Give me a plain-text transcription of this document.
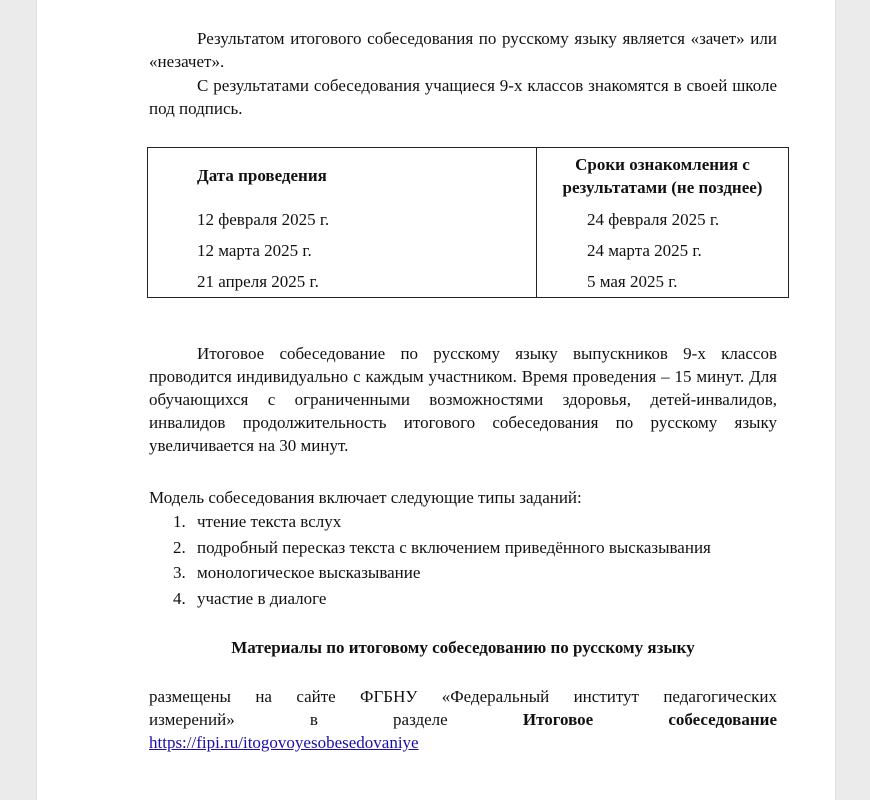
Результатом итогового собеседования по русскому языку является «зачет» или «незачет».

С результатами собеседования учащиеся 9-х классов знакомятся в своей школе под подпись.

Дата проведения	Сроки ознакомления с
результатами (не позднее)
12 февраля 2025 г.	24 февраля 2025 г.
12 марта 2025 г.	24 марта 2025 г.
21 апреля 2025 г.	5 мая 2025 г.

Итоговое собеседование по русскому языку выпускников 9-х классов проводится индивидуально с каждым участником. Время проведения – 15 минут. Для обучающихся с ограниченными возможностями здоровья, детей-инвалидов, инвалидов продолжительность итогового собеседования по русскому языку увеличивается на 30 минут.

Модель собеседования включает следующие типы заданий:

1. чтение текста вслух
2. подробный пересказ текста с включением приведённого высказывания
3. монологическое высказывание
4. участие в диалоге
Материалы по итоговому собеседованию по русскому языку

размещены на сайте ФГБНУ «Федеральный институт педагогических

измерений»	в	разделе	Итоговое	собеседование
https://fipi.ru/itogovoyesobesedovaniye
